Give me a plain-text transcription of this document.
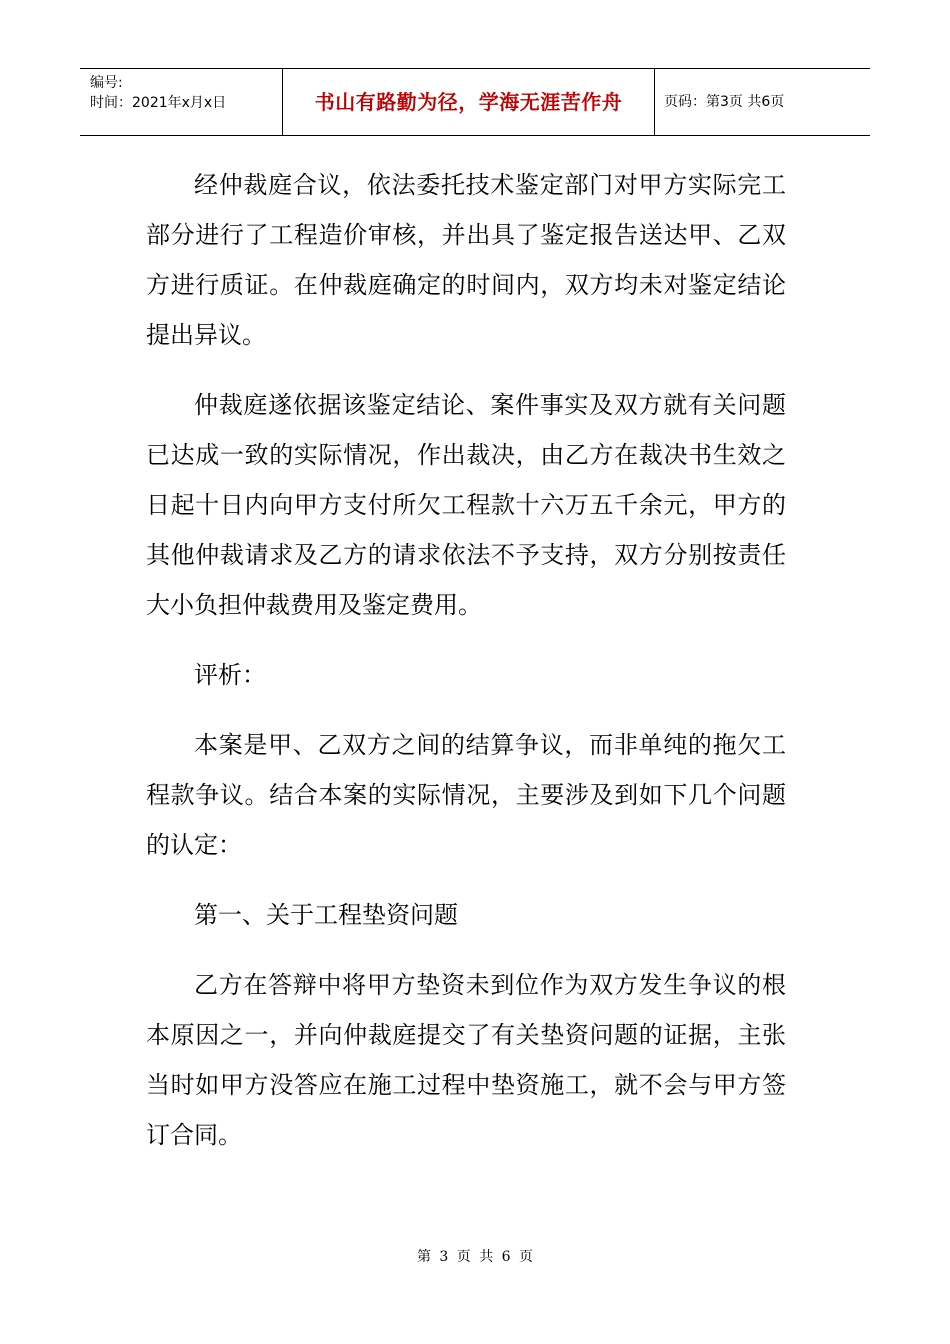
编号:
时间：2021年x月x日	书山有路勤为径，学海无涯苦作舟	页码：第3页 共6页

经仲裁庭合议，依法委托技术鉴定部门对甲方实际完工部分进行了工程造价审核，并出具了鉴定报告送达甲、乙双方进行质证。在仲裁庭确定的时间内，双方均未对鉴定结论提出异议。

仲裁庭遂依据该鉴定结论、案件事实及双方就有关问题已达成一致的实际情况，作出裁决，由乙方在裁决书生效之日起十日内向甲方支付所欠工程款十六万五千余元，甲方的其他仲裁请求及乙方的请求依法不予支持，双方分别按责任大小负担仲裁费用及鉴定费用。

评析：

本案是甲、乙双方之间的结算争议，而非单纯的拖欠工程款争议。结合本案的实际情况，主要涉及到如下几个问题的认定：

第一、关于工程垫资问题

乙方在答辩中将甲方垫资未到位作为双方发生争议的根本原因之一，并向仲裁庭提交了有关垫资问题的证据，主张当时如甲方没答应在施工过程中垫资施工，就不会与甲方签订合同。

第 3 页 共 6 页
